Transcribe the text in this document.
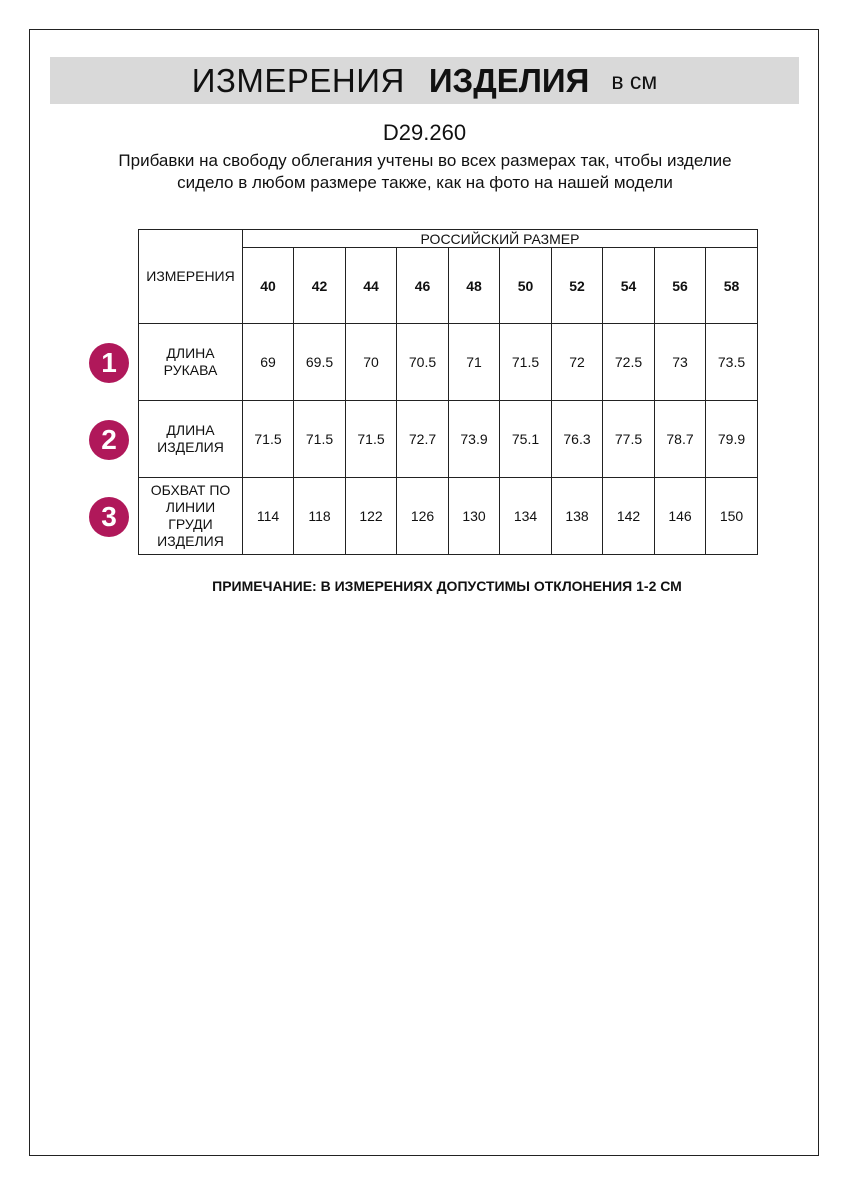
ИЗМЕРЕНИЯ ИЗДЕЛИЯ в см
D29.260
Прибавки на свободу облегания учтены во всех размерах так, чтобы изделие сидело в любом размере также, как на фото на нашей модели
ИЗМЕРЕНИЯ	РОССИЙСКИЙ РАЗМЕР									
	40	42	44	46	48	50	52	54	56	58
ДЛИНА
РУКАВА	69	69.5	70	70.5	71	71.5	72	72.5	73	73.5
ДЛИНА
ИЗДЕЛИЯ	71.5	71.5	71.5	72.7	73.9	75.1	76.3	77.5	78.7	79.9
ОБХВАТ ПО
ЛИНИИ
ГРУДИ
ИЗДЕЛИЯ	114	118	122	126	130	134	138	142	146	150
1
2
3
ПРИМЕЧАНИЕ: В ИЗМЕРЕНИЯХ ДОПУСТИМЫ ОТКЛОНЕНИЯ 1-2 СМ
